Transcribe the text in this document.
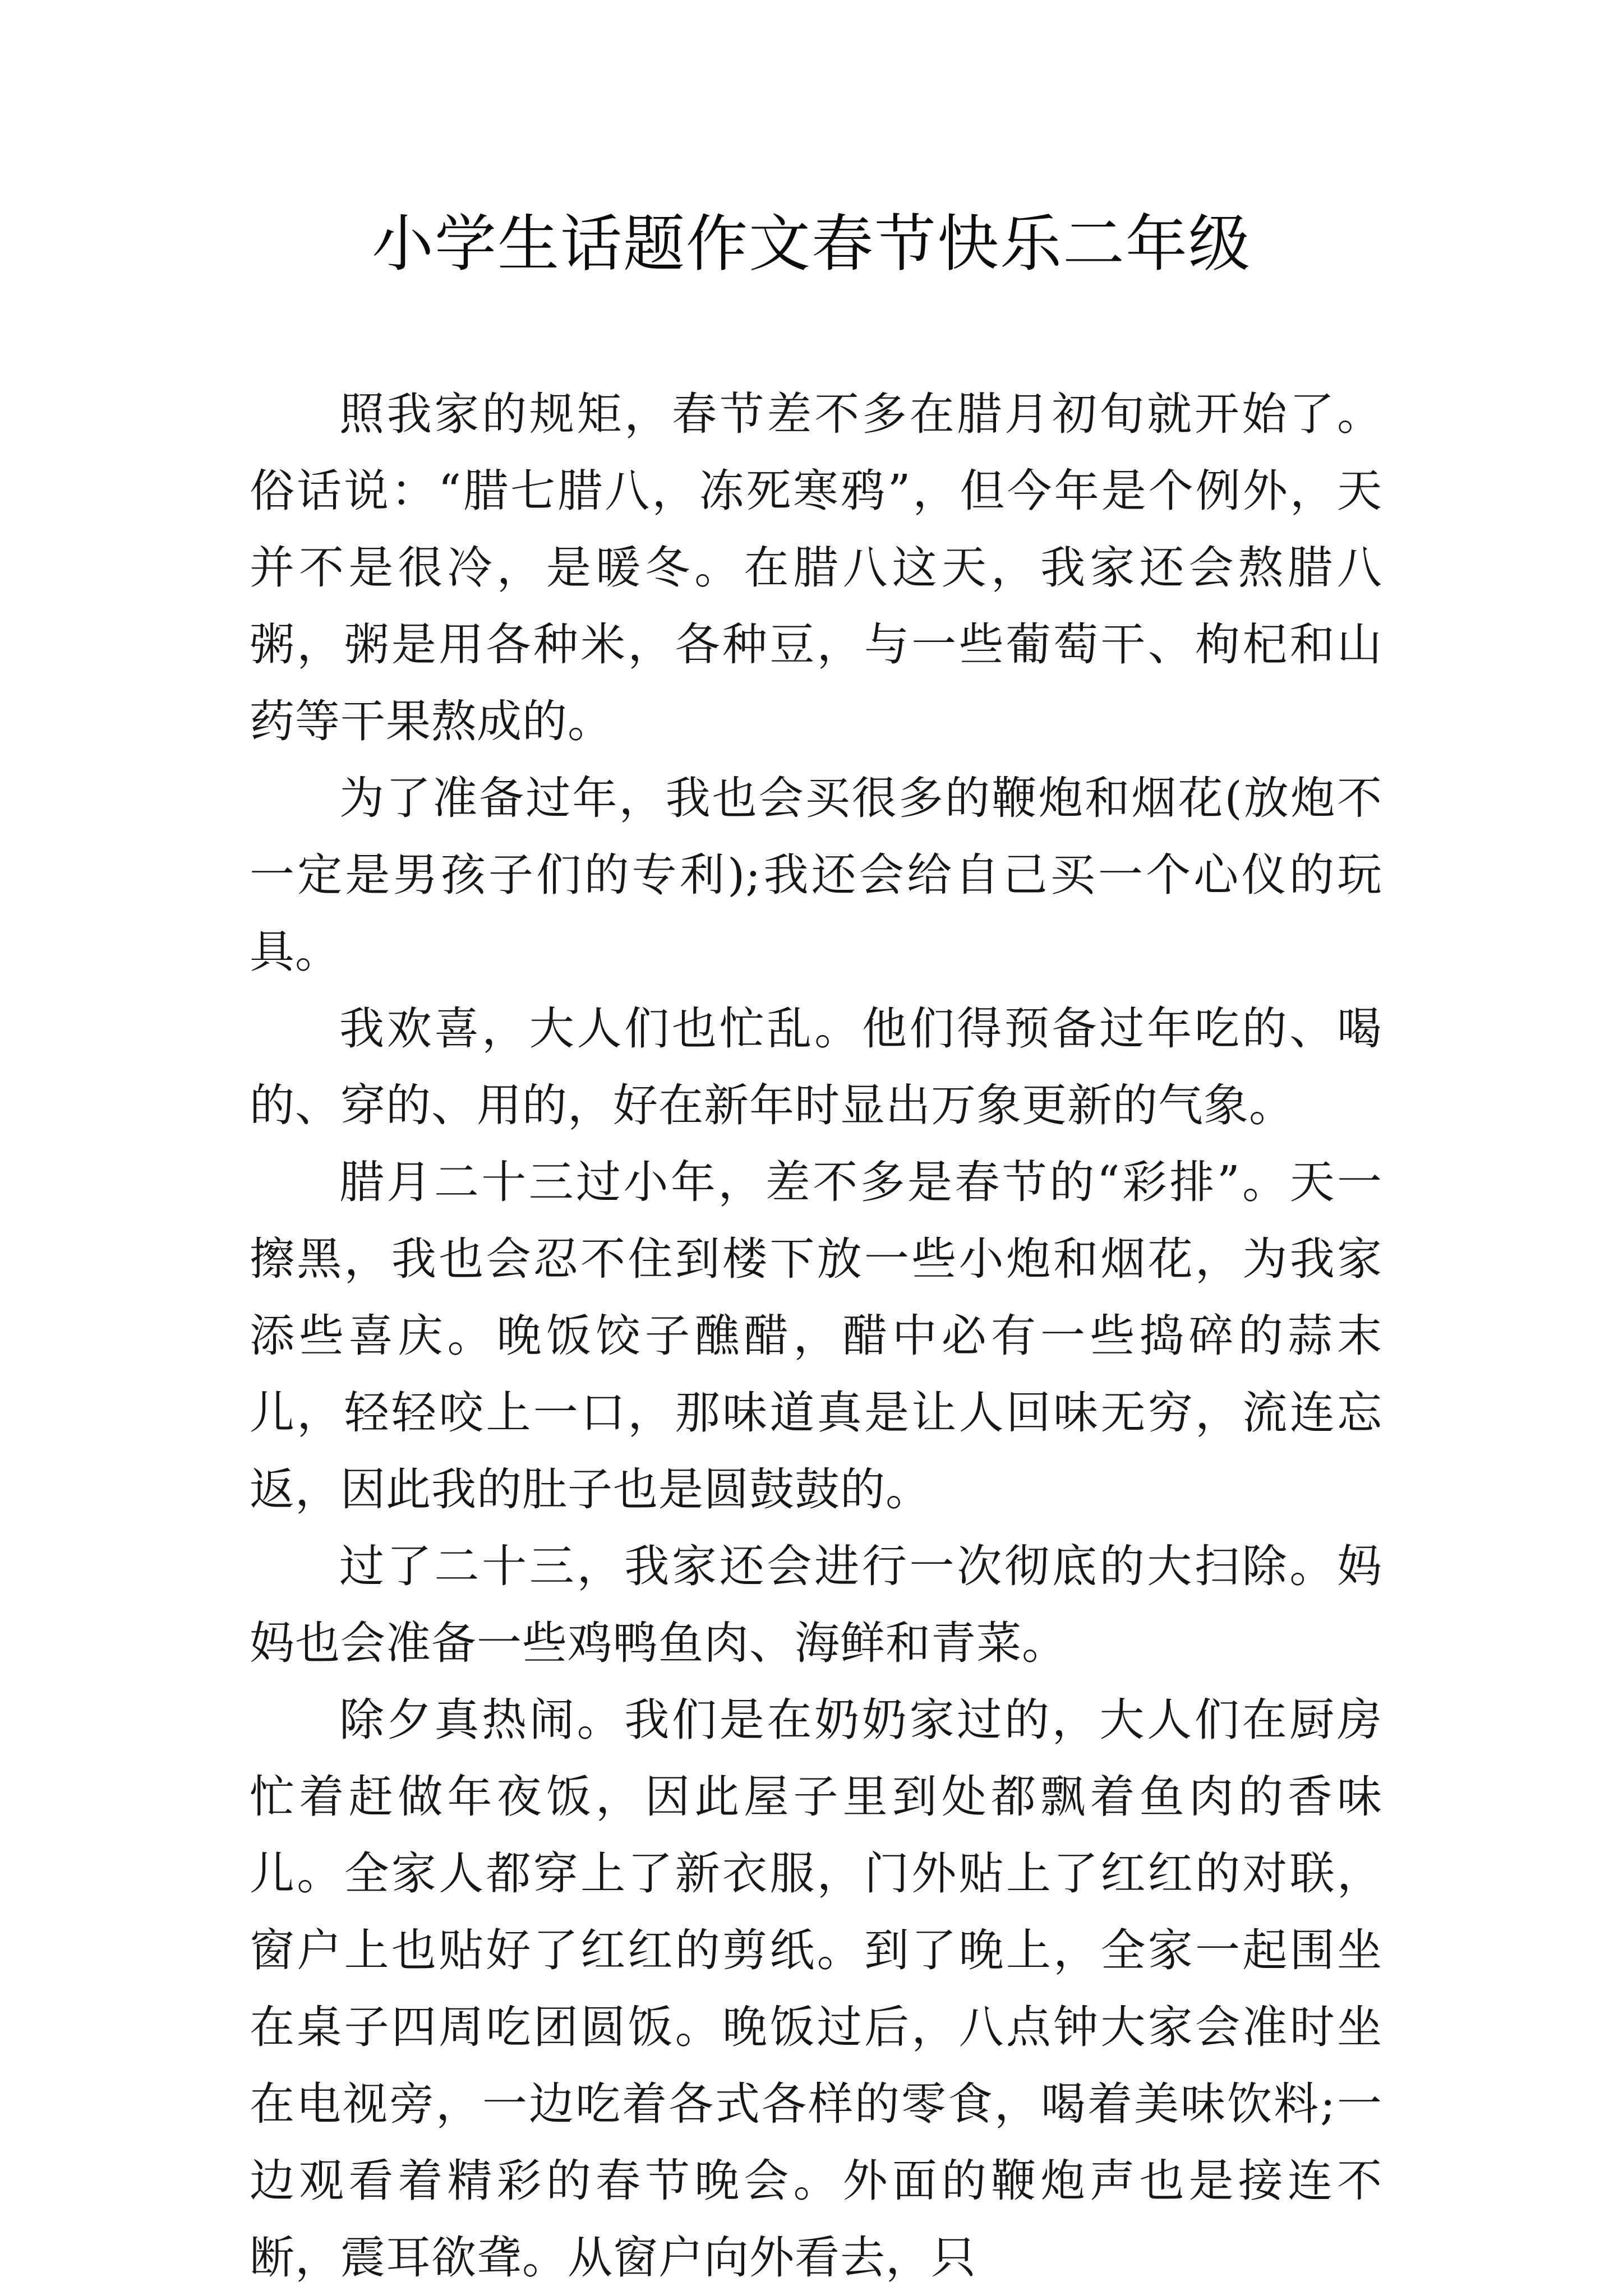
小学生话题作文春节快乐二年级

照我家的规矩，春节差不多在腊月初旬就开始了。俗话说：“腊七腊八，冻死寒鸦”，但今年是个例外，天并不是很冷，是暖冬。在腊八这天，我家还会熬腊八粥，粥是用各种米，各种豆，与一些葡萄干、枸杞和山药等干果熬成的。

为了准备过年，我也会买很多的鞭炮和烟花(放炮不一定是男孩子们的专利);我还会给自己买一个心仪的玩具。

我欢喜，大人们也忙乱。他们得预备过年吃的、喝的、穿的、用的，好在新年时显出万象更新的气象。

腊月二十三过小年，差不多是春节的“彩排”。天一擦黑，我也会忍不住到楼下放一些小炮和烟花，为我家添些喜庆。晚饭饺子醮醋，醋中必有一些捣碎的蒜末儿，轻轻咬上一口，那味道真是让人回味无穷，流连忘返，因此我的肚子也是圆鼓鼓的。

过了二十三，我家还会进行一次彻底的大扫除。妈妈也会准备一些鸡鸭鱼肉、海鲜和青菜。

除夕真热闹。我们是在奶奶家过的，大人们在厨房忙着赶做年夜饭，因此屋子里到处都飘着鱼肉的香味儿。全家人都穿上了新衣服，门外贴上了红红的对联，窗户上也贴好了红红的剪纸。到了晚上，全家一起围坐在桌子四周吃团圆饭。晚饭过后，八点钟大家会准时坐在电视旁，一边吃着各式各样的零食，喝着美味饮料;一边观看着精彩的春节晚会。外面的鞭炮声也是接连不断，震耳欲聋。从窗户向外看去，只
